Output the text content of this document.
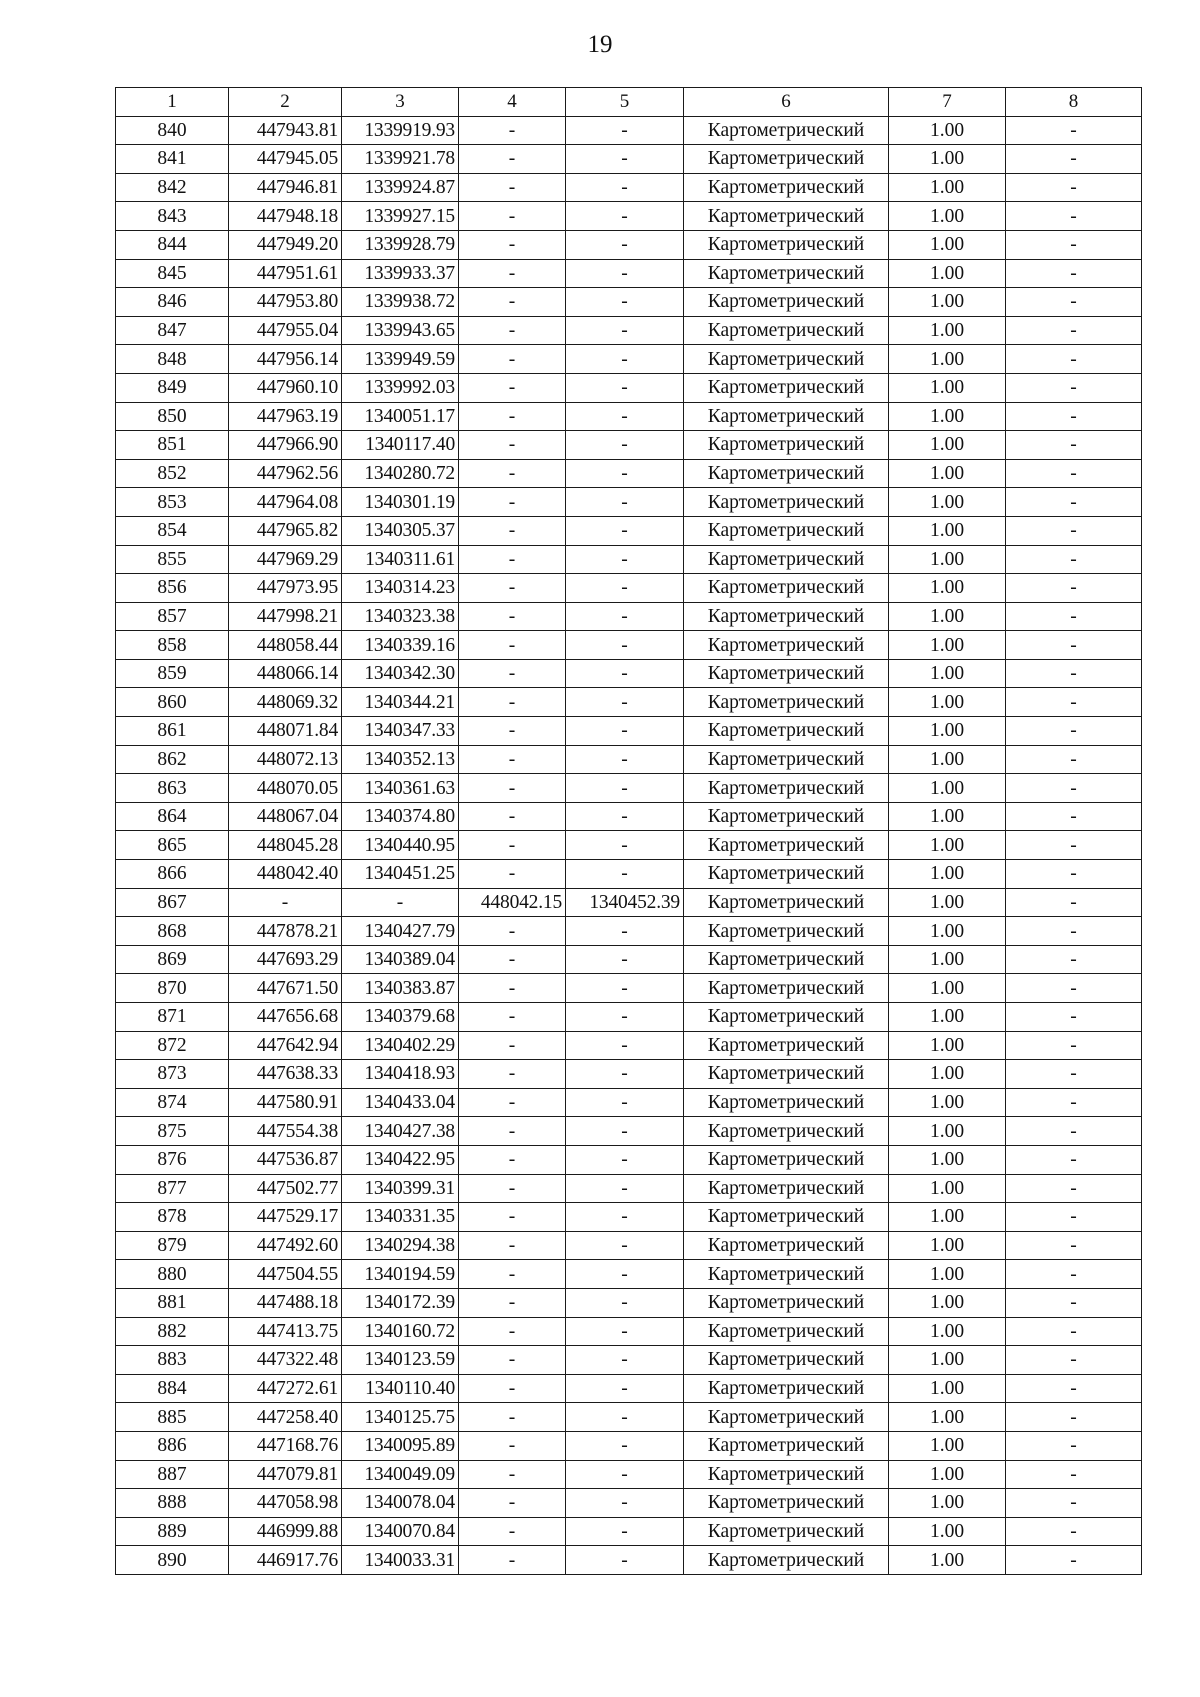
19
1	2	3	4	5	6	7	8
840	447943.81	1339919.93	-	-	Картометрический	1.00	-
841	447945.05	1339921.78	-	-	Картометрический	1.00	-
842	447946.81	1339924.87	-	-	Картометрический	1.00	-
843	447948.18	1339927.15	-	-	Картометрический	1.00	-
844	447949.20	1339928.79	-	-	Картометрический	1.00	-
845	447951.61	1339933.37	-	-	Картометрический	1.00	-
846	447953.80	1339938.72	-	-	Картометрический	1.00	-
847	447955.04	1339943.65	-	-	Картометрический	1.00	-
848	447956.14	1339949.59	-	-	Картометрический	1.00	-
849	447960.10	1339992.03	-	-	Картометрический	1.00	-
850	447963.19	1340051.17	-	-	Картометрический	1.00	-
851	447966.90	1340117.40	-	-	Картометрический	1.00	-
852	447962.56	1340280.72	-	-	Картометрический	1.00	-
853	447964.08	1340301.19	-	-	Картометрический	1.00	-
854	447965.82	1340305.37	-	-	Картометрический	1.00	-
855	447969.29	1340311.61	-	-	Картометрический	1.00	-
856	447973.95	1340314.23	-	-	Картометрический	1.00	-
857	447998.21	1340323.38	-	-	Картометрический	1.00	-
858	448058.44	1340339.16	-	-	Картометрический	1.00	-
859	448066.14	1340342.30	-	-	Картометрический	1.00	-
860	448069.32	1340344.21	-	-	Картометрический	1.00	-
861	448071.84	1340347.33	-	-	Картометрический	1.00	-
862	448072.13	1340352.13	-	-	Картометрический	1.00	-
863	448070.05	1340361.63	-	-	Картометрический	1.00	-
864	448067.04	1340374.80	-	-	Картометрический	1.00	-
865	448045.28	1340440.95	-	-	Картометрический	1.00	-
866	448042.40	1340451.25	-	-	Картометрический	1.00	-
867	-	-	448042.15	1340452.39	Картометрический	1.00	-
868	447878.21	1340427.79	-	-	Картометрический	1.00	-
869	447693.29	1340389.04	-	-	Картометрический	1.00	-
870	447671.50	1340383.87	-	-	Картометрический	1.00	-
871	447656.68	1340379.68	-	-	Картометрический	1.00	-
872	447642.94	1340402.29	-	-	Картометрический	1.00	-
873	447638.33	1340418.93	-	-	Картометрический	1.00	-
874	447580.91	1340433.04	-	-	Картометрический	1.00	-
875	447554.38	1340427.38	-	-	Картометрический	1.00	-
876	447536.87	1340422.95	-	-	Картометрический	1.00	-
877	447502.77	1340399.31	-	-	Картометрический	1.00	-
878	447529.17	1340331.35	-	-	Картометрический	1.00	-
879	447492.60	1340294.38	-	-	Картометрический	1.00	-
880	447504.55	1340194.59	-	-	Картометрический	1.00	-
881	447488.18	1340172.39	-	-	Картометрический	1.00	-
882	447413.75	1340160.72	-	-	Картометрический	1.00	-
883	447322.48	1340123.59	-	-	Картометрический	1.00	-
884	447272.61	1340110.40	-	-	Картометрический	1.00	-
885	447258.40	1340125.75	-	-	Картометрический	1.00	-
886	447168.76	1340095.89	-	-	Картометрический	1.00	-
887	447079.81	1340049.09	-	-	Картометрический	1.00	-
888	447058.98	1340078.04	-	-	Картометрический	1.00	-
889	446999.88	1340070.84	-	-	Картометрический	1.00	-
890	446917.76	1340033.31	-	-	Картометрический	1.00	-
